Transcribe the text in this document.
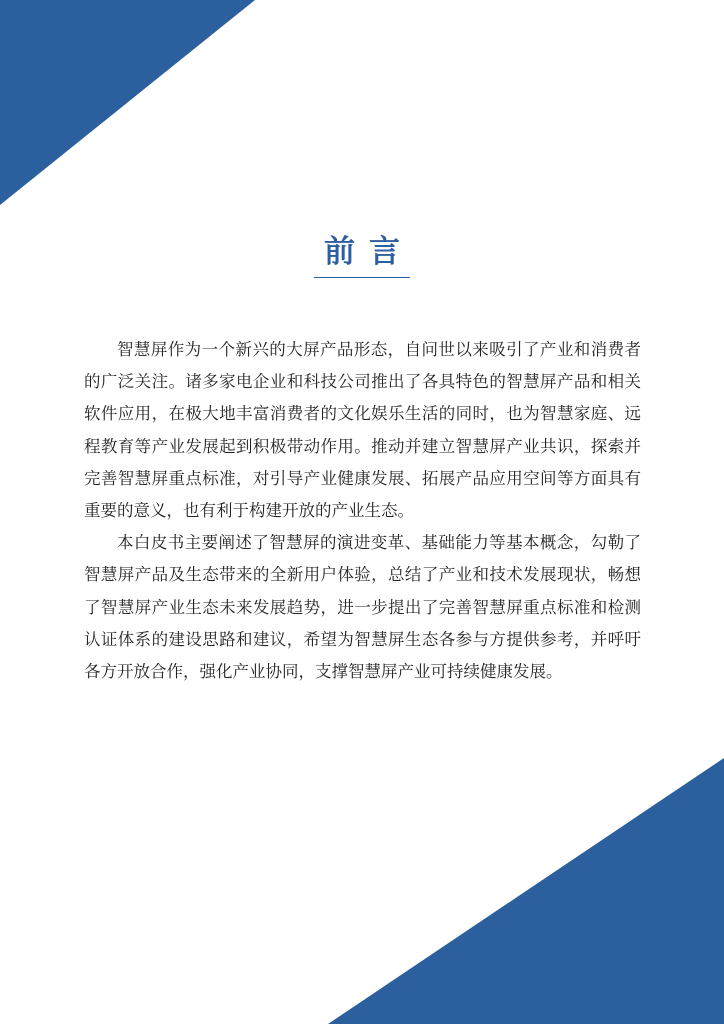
前言

智慧屏作为一个新兴的大屏产品形态，自问世以来吸引了产业和消费者的广泛关注。诸多家电企业和科技公司推出了各具特色的智慧屏产品和相关软件应用，在极大地丰富消费者的文化娱乐生活的同时，也为智慧家庭、远程教育等产业发展起到积极带动作用。推动并建立智慧屏产业共识，探索并完善智慧屏重点标准，对引导产业健康发展、拓展产品应用空间等方面具有重要的意义，也有利于构建开放的产业生态。

本白皮书主要阐述了智慧屏的演进变革、基础能力等基本概念，勾勒了智慧屏产品及生态带来的全新用户体验，总结了产业和技术发展现状，畅想了智慧屏产业生态未来发展趋势，进一步提出了完善智慧屏重点标准和检测认证体系的建设思路和建议，希望为智慧屏生态各参与方提供参考，并呼吁各方开放合作，强化产业协同，支撑智慧屏产业可持续健康发展。
